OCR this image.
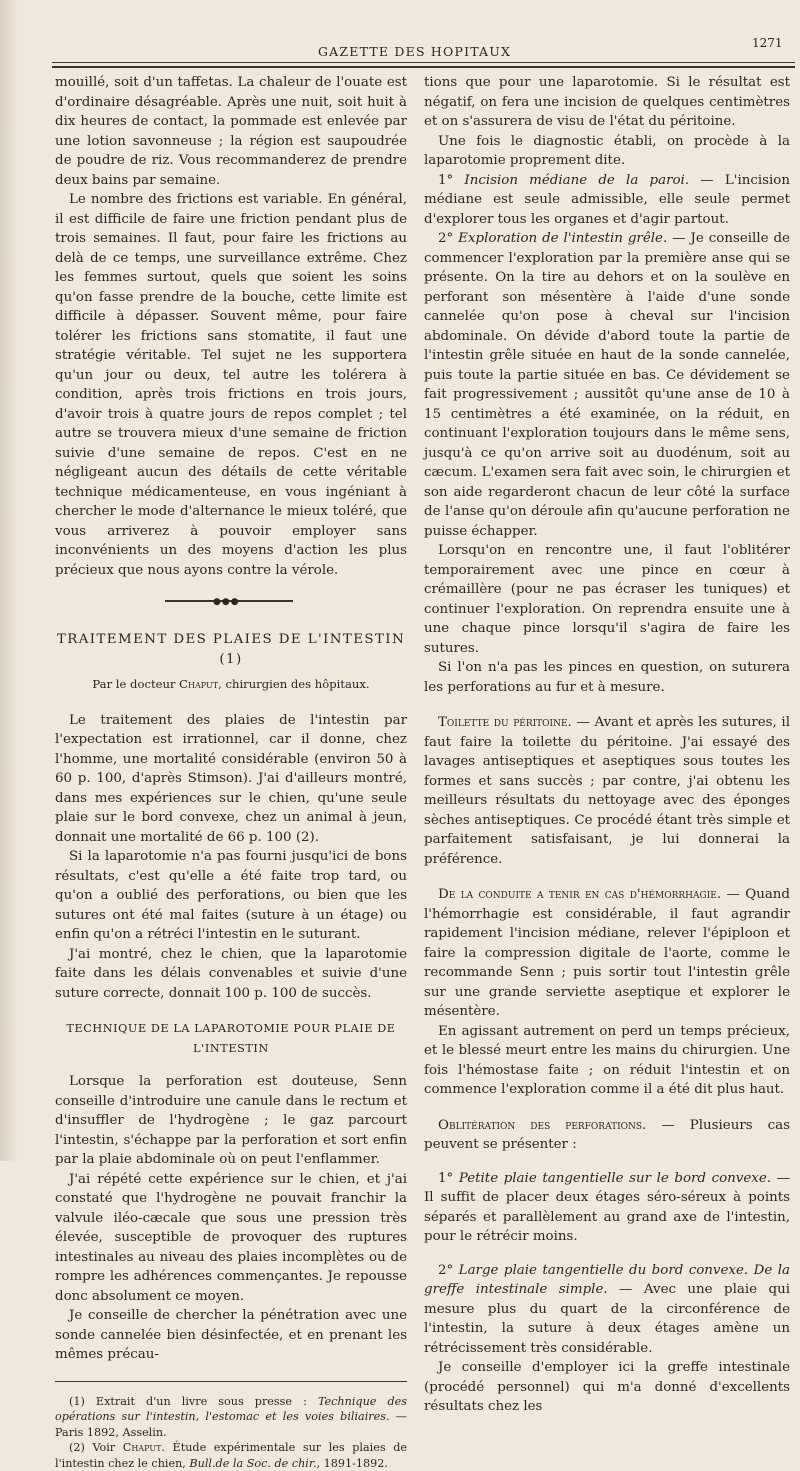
GAZETTE DES HOPITAUX
1271

mouillé, soit d'un taffetas. La chaleur de l'ouate est d'ordinaire désagréable. Après une nuit, soit huit à dix heures de contact, la pommade est enlevée par une lotion savonneuse ; la région est saupoudrée de poudre de riz. Vous recommanderez de prendre deux bains par semaine.

Le nombre des frictions est variable. En général, il est difficile de faire une friction pendant plus de trois semaines. Il faut, pour faire les frictions au delà de ce temps, une surveillance extrême. Chez les femmes surtout, quels que soient les soins qu'on fasse prendre de la bouche, cette limite est difficile à dépasser. Souvent même, pour faire tolérer les frictions sans stomatite, il faut une stratégie véritable. Tel sujet ne les supportera qu'un jour ou deux, tel autre les tolérera à condition, après trois frictions en trois jours, d'avoir trois à quatre jours de repos complet ; tel autre se trouvera mieux d'une semaine de friction suivie d'une semaine de repos. C'est en ne négligeant aucun des détails de cette véritable technique médicamenteuse, en vous ingéniant à chercher le mode d'alternance le mieux toléré, que vous arriverez à pouvoir employer sans inconvénients un des moyens d'action les plus précieux que nous ayons contre la vérole.

●●●
TRAITEMENT DES PLAIES DE L'INTESTIN (1)
Par le docteur Chaput, chirurgien des hôpitaux.

Le traitement des plaies de l'intestin par l'expectation est irrationnel, car il donne, chez l'homme, une mortalité considérable (environ 50 à 60 p. 100, d'après Stimson). J'ai d'ailleurs montré, dans mes expériences sur le chien, qu'une seule plaie sur le bord convexe, chez un animal à jeun, donnait une mortalité de 66 p. 100 (2).

Si la laparotomie n'a pas fourni jusqu'ici de bons résultats, c'est qu'elle a été faite trop tard, ou qu'on a oublié des perforations, ou bien que les sutures ont été mal faites (suture à un étage) ou enfin qu'on a rétréci l'intestin en le suturant.

J'ai montré, chez le chien, que la laparotomie faite dans les délais convenables et suivie d'une suture correcte, donnait 100 p. 100 de succès.

TECHNIQUE DE LA LAPAROTOMIE POUR PLAIE DE L'INTESTIN

Lorsque la perforation est douteuse, Senn conseille d'introduire une canule dans le rectum et d'insuffler de l'hydrogène ; le gaz parcourt l'intestin, s'échappe par la perforation et sort enfin par la plaie abdominale où on peut l'enflammer.

J'ai répété cette expérience sur le chien, et j'ai constaté que l'hydrogène ne pouvait franchir la valvule iléo-cæcale que sous une pression très élevée, susceptible de provoquer des ruptures intestinales au niveau des plaies incomplètes ou de rompre les adhérences commençantes. Je repousse donc absolument ce moyen.

Je conseille de chercher la pénétration avec une sonde cannelée bien désinfectée, et en prenant les mêmes précau-

(1) Extrait d'un livre sous presse : Technique des opérations sur l'intestin, l'estomac et les voies biliaires. — Paris 1892, Asselin.

(2) Voir Chaput. Étude expérimentale sur les plaies de l'intestin chez le chien, Bull.de la Soc. de chir., 1891-1892.

tions que pour une laparotomie. Si le résultat est négatif, on fera une incision de quelques centimètres et on s'assurera de visu de l'état du péritoine.

Une fois le diagnostic établi, on procède à la laparotomie proprement dite.

1° Incision médiane de la paroi. — L'incision médiane est seule admissible, elle seule permet d'explorer tous les organes et d'agir partout.

2° Exploration de l'intestin grêle. — Je conseille de commencer l'exploration par la première anse qui se présente. On la tire au dehors et on la soulève en perforant son mésentère à l'aide d'une sonde cannelée qu'on pose à cheval sur l'incision abdominale. On dévide d'abord toute la partie de l'intestin grêle située en haut de la sonde cannelée, puis toute la partie située en bas. Ce dévidement se fait progressivement ; aussitôt qu'une anse de 10 à 15 centimètres a été examinée, on la réduit, en continuant l'exploration toujours dans le même sens, jusqu'à ce qu'on arrive soit au duodénum, soit au cæcum. L'examen sera fait avec soin, le chirurgien et son aide regarderont chacun de leur côté la surface de l'anse qu'on déroule afin qu'aucune perforation ne puisse échapper.

Lorsqu'on en rencontre une, il faut l'oblitérer temporairement avec une pince en cœur à crémaillère (pour ne pas écraser les tuniques) et continuer l'exploration. On reprendra ensuite une à une chaque pince lorsqu'il s'agira de faire les sutures.

Si l'on n'a pas les pinces en question, on suturera les perforations au fur et à mesure.

Toilette du péritoine. — Avant et après les sutures, il faut faire la toilette du péritoine. J'ai essayé des lavages antiseptiques et aseptiques sous toutes les formes et sans succès ; par contre, j'ai obtenu les meilleurs résultats du nettoyage avec des éponges sèches antiseptiques. Ce procédé étant très simple et parfaitement satisfaisant, je lui donnerai la préférence.

De la conduite a tenir en cas d'hémorrhagie. — Quand l'hémorrhagie est considérable, il faut agrandir rapidement l'incision médiane, relever l'épiploon et faire la compression digitale de l'aorte, comme le recommande Senn ; puis sortir tout l'intestin grêle sur une grande serviette aseptique et explorer le mésentère.

En agissant autrement on perd un temps précieux, et le blessé meurt entre les mains du chirurgien. Une fois l'hémostase faite ; on réduit l'intestin et on commence l'exploration comme il a été dit plus haut.

Oblitération des perforations. — Plusieurs cas peuvent se présenter :

1° Petite plaie tangentielle sur le bord convexe. — Il suffit de placer deux étages séro-séreux à points séparés et parallèlement au grand axe de l'intestin, pour le rétrécir moins.

2° Large plaie tangentielle du bord convexe. De la greffe intestinale simple. — Avec une plaie qui mesure plus du quart de la circonférence de l'intestin, la suture à deux étages amène un rétrécissement très considérable.

Je conseille d'employer ici la greffe intestinale (procédé personnel) qui m'a donné d'excellents résultats chez les
